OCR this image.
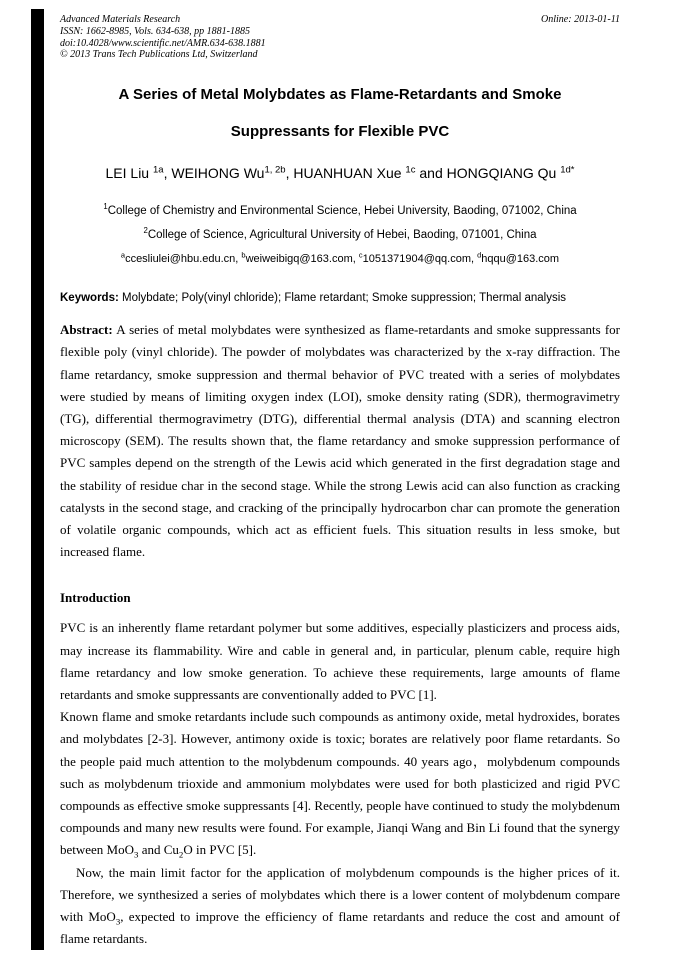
Advanced Materials Research
ISSN: 1662-8985, Vols. 634-638, pp 1881-1885
doi:10.4028/www.scientific.net/AMR.634-638.1881
© 2013 Trans Tech Publications Ltd, Switzerland
Online: 2013-01-11
A Series of Metal Molybdates as Flame-Retardants and Smoke
Suppressants for Flexible PVC
LEI Liu $^{1a}$, WEIHONG $Wu^{1, 2b}$, HUANHUAN Xue $^{1c}$ and HONGQIANG Qu $^{1d*}$
$^1$College of Chemistry and Environmental Science, Hebei University, Baoding, 071002, China
$^2$College of Science, Agricultural University of Hebei, Baoding, 071001, China
$^a$ccesliulei@hbu.edu.cn, $^b$weiweibigq@163.com, $^c$1051371904@qq.com, $^d$hqqu@163.com
Keywords: Molybdate; Poly(vinyl chloride); Flame retardant; Smoke suppression; Thermal analysis
Abstract: A series of metal molybdates were synthesized as flame-retardants and smoke suppressants for flexible poly (vinyl chloride). The powder of molybdates was characterized by the x-ray diffraction. The flame retardancy, smoke suppression and thermal behavior of PVC treated with a series of molybdates were studied by means of limiting oxygen index (LOI), smoke density rating (SDR), thermogravimetry (TG), differential thermogravimetry (DTG), differential thermal analysis (DTA) and scanning electron microscopy (SEM). The results shown that, the flame retardancy and smoke suppression performance of PVC samples depend on the strength of the Lewis acid which generated in the first degradation stage and the stability of residue char in the second stage. While the strong Lewis acid can also function as cracking catalysts in the second stage, and cracking of the principally hydrocarbon char can promote the generation of volatile organic compounds, which act as efficient fuels. This situation results in less smoke, but increased flame.
Introduction
PVC is an inherently flame retardant polymer but some additives, especially plasticizers and process aids, may increase its flammability. Wire and cable in general and, in particular, plenum cable, require high flame retardancy and low smoke generation. To achieve these requirements, large amounts of flame retardants and smoke suppressants are conventionally added to PVC [1].
Known flame and smoke retardants include such compounds as antimony oxide, metal hydroxides, borates and molybdates [2-3]. However, antimony oxide is toxic; borates are relatively poor flame retardants. So the people paid much attention to the molybdenum compounds. 40 years ago，molybdenum compounds such as molybdenum trioxide and ammonium molybdates were used for both plasticized and rigid PVC compounds as effective smoke suppressants [4]. Recently, people have continued to study the molybdenum compounds and many new results were found. For example, Jianqi Wang and Bin Li found that the synergy between MoO$_3$ and $Cu_2O$ in PVC [5].
Now, the main limit factor for the application of molybdenum compounds is the higher prices of it. Therefore, we synthesized a series of molybdates which there is a lower content of molybdenum compare with MoO$_3$, expected to improve the efficiency of flame retardants and reduce the cost and amount of flame retardants.
